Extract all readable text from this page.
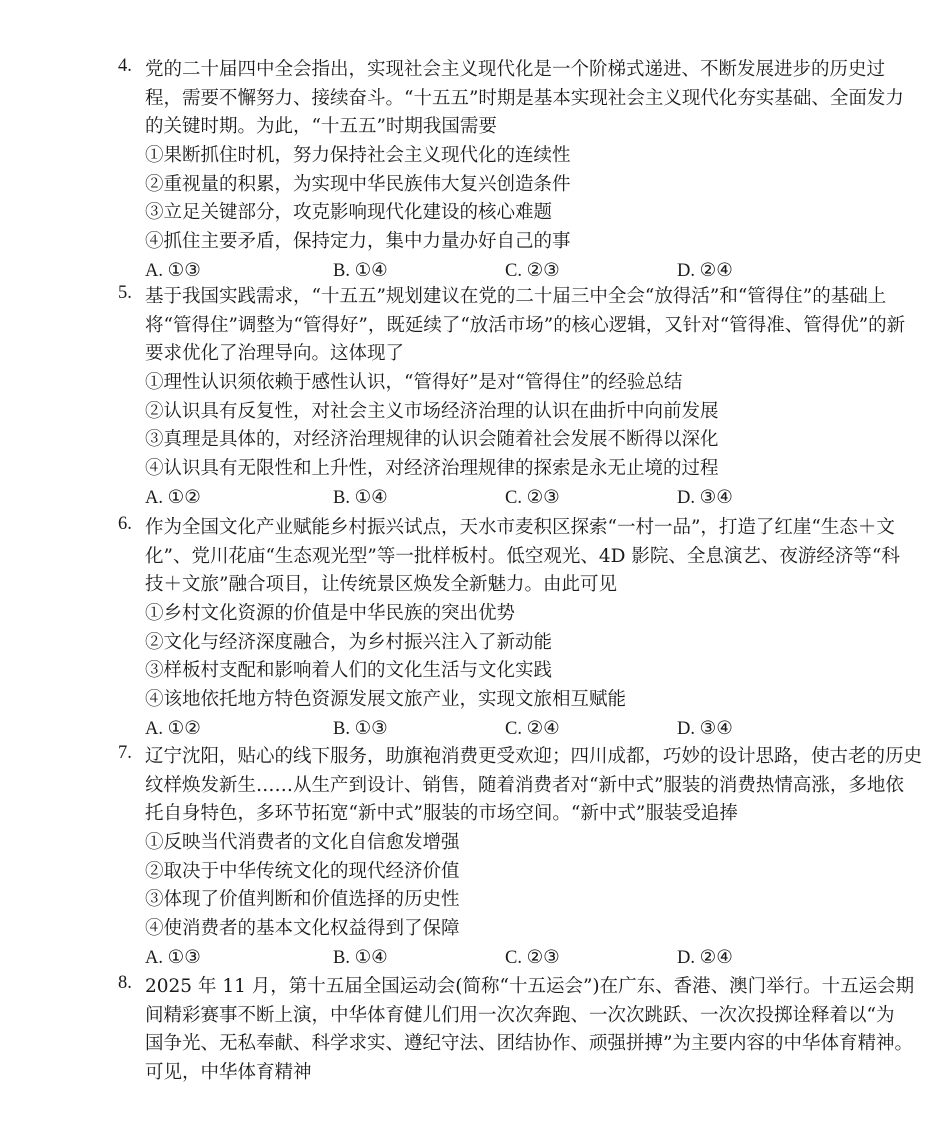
4. 党的二十届四中全会指出，实现社会主义现代化是一个阶梯式递进、不断发展进步的历史过
程，需要不懈努力、接续奋斗。“十五五”时期是基本实现社会主义现代化夯实基础、全面发力
的关键时期。为此，“十五五”时期我国需要
①果断抓住时机，努力保持社会主义现代化的连续性
②重视量的积累，为实现中华民族伟大复兴创造条件
③立足关键部分，攻克影响现代化建设的核心难题
④抓住主要矛盾，保持定力，集中力量办好自己的事
A. ①③	B. ①④	C. ②③	D. ②④
5. 基于我国实践需求，“十五五”规划建议在党的二十届三中全会“放得活”和“管得住”的基础上
将“管得住”调整为“管得好”，既延续了“放活市场”的核心逻辑，又针对“管得准、管得优”的新
要求优化了治理导向。这体现了
①理性认识须依赖于感性认识，“管得好”是对“管得住”的经验总结
②认识具有反复性，对社会主义市场经济治理的认识在曲折中向前发展
③真理是具体的，对经济治理规律的认识会随着社会发展不断得以深化
④认识具有无限性和上升性，对经济治理规律的探索是永无止境的过程
A. ①②	B. ①④	C. ②③	D. ③④
6. 作为全国文化产业赋能乡村振兴试点，天水市麦积区探索“一村一品”，打造了红崖“生态＋文
化”、党川花庙“生态观光型”等一批样板村。低空观光、4D 影院、全息演艺、夜游经济等“科
技＋文旅”融合项目，让传统景区焕发全新魅力。由此可见
①乡村文化资源的价值是中华民族的突出优势
②文化与经济深度融合，为乡村振兴注入了新动能
③样板村支配和影响着人们的文化生活与文化实践
④该地依托地方特色资源发展文旅产业，实现文旅相互赋能
A. ①②	B. ①③	C. ②④	D. ③④
7. 辽宁沈阳，贴心的线下服务，助旗袍消费更受欢迎；四川成都，巧妙的设计思路，使古老的历史
纹样焕发新生……从生产到设计、销售，随着消费者对“新中式”服装的消费热情高涨，多地依
托自身特色，多环节拓宽“新中式”服装的市场空间。“新中式”服装受追捧
①反映当代消费者的文化自信愈发增强
②取决于中华传统文化的现代经济价值
③体现了价值判断和价值选择的历史性
④使消费者的基本文化权益得到了保障
A. ①③	B. ①④	C. ②③	D. ②④
8. 2025 年 11 月，第十五届全国运动会(简称“十五运会”)在广东、香港、澳门举行。十五运会期
间精彩赛事不断上演，中华体育健儿们用一次次奔跑、一次次跳跃、一次次投掷诠释着以“为
国争光、无私奉献、科学求实、遵纪守法、团结协作、顽强拼搏”为主要内容的中华体育精神。
可见，中华体育精神
